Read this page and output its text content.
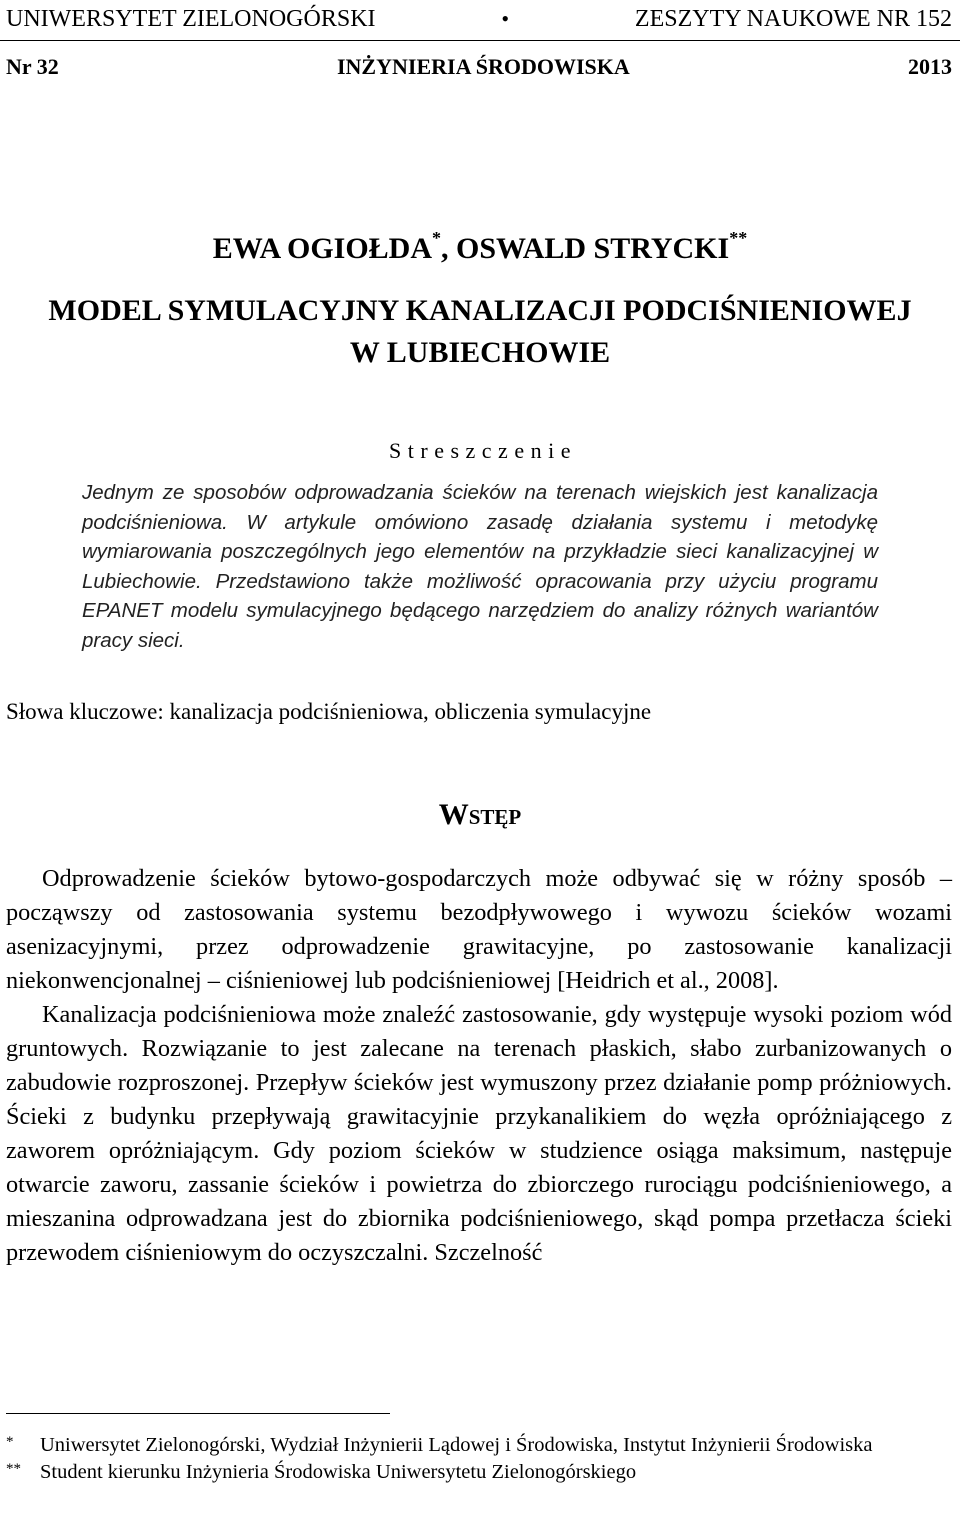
UNIWERSYTET ZIELONOGÓRSKI	•	ZESZYTY NAUKOWE NR 152
Nr 32	INŻYNIERIA ŚRODOWISKA	2013
EWA OGIOŁDA*, OSWALD STRYCKI**
MODEL SYMULACYJNY KANALIZACJI PODCIŚNIENIOWEJ
W LUBIECHOWIE
S t r e s z c z e n i e
Jednym ze sposobów odprowadzania ścieków na terenach wiejskich jest kanalizacja podciśnieniowa. W artykule omówiono zasadę działania systemu i metodykę wymiarowania poszczególnych jego elementów na przykładzie sieci kanalizacyjnej w Lubiechowie. Przedstawiono także możliwość opracowania przy użyciu programu EPANET modelu symulacyjnego będącego narzędziem do analizy różnych wariantów pracy sieci.
Słowa kluczowe: kanalizacja podciśnieniowa, obliczenia symulacyjne
Wstęp

Odprowadzenie ścieków bytowo-gospodarczych może odbywać się w różny sposób – począwszy od zastosowania systemu bezodpływowego i wywozu ścieków wozami asenizacyjnymi, przez odprowadzenie grawitacyjne, po zastosowanie kanalizacji niekonwencjonalnej – ciśnieniowej lub podciśnieniowej [Heidrich et al., 2008].

Kanalizacja podciśnieniowa może znaleźć zastosowanie, gdy występuje wysoki poziom wód gruntowych. Rozwiązanie to jest zalecane na terenach płaskich, słabo zurbanizowanych o zabudowie rozproszonej. Przepływ ścieków jest wymuszony przez działanie pomp próżniowych. Ścieki z budynku przepływają grawitacyjnie przykanalikiem do węzła opróżniającego z zaworem opróżniającym. Gdy poziom ścieków w studzience osiąga maksimum, następuje otwarcie zaworu, zassanie ścieków i powietrza do zbiorczego rurociągu podciśnieniowego, a mieszanina odprowadzana jest do zbiornika podciśnieniowego, skąd pompa przetłacza ścieki przewodem ciśnieniowym do oczyszczalni. Szczelność

*	Uniwersytet Zielonogórski, Wydział Inżynierii Lądowej i Środowiska, Instytut Inżynierii Środowiska
** Student kierunku Inżynieria Środowiska Uniwersytetu Zielonogórskiego
